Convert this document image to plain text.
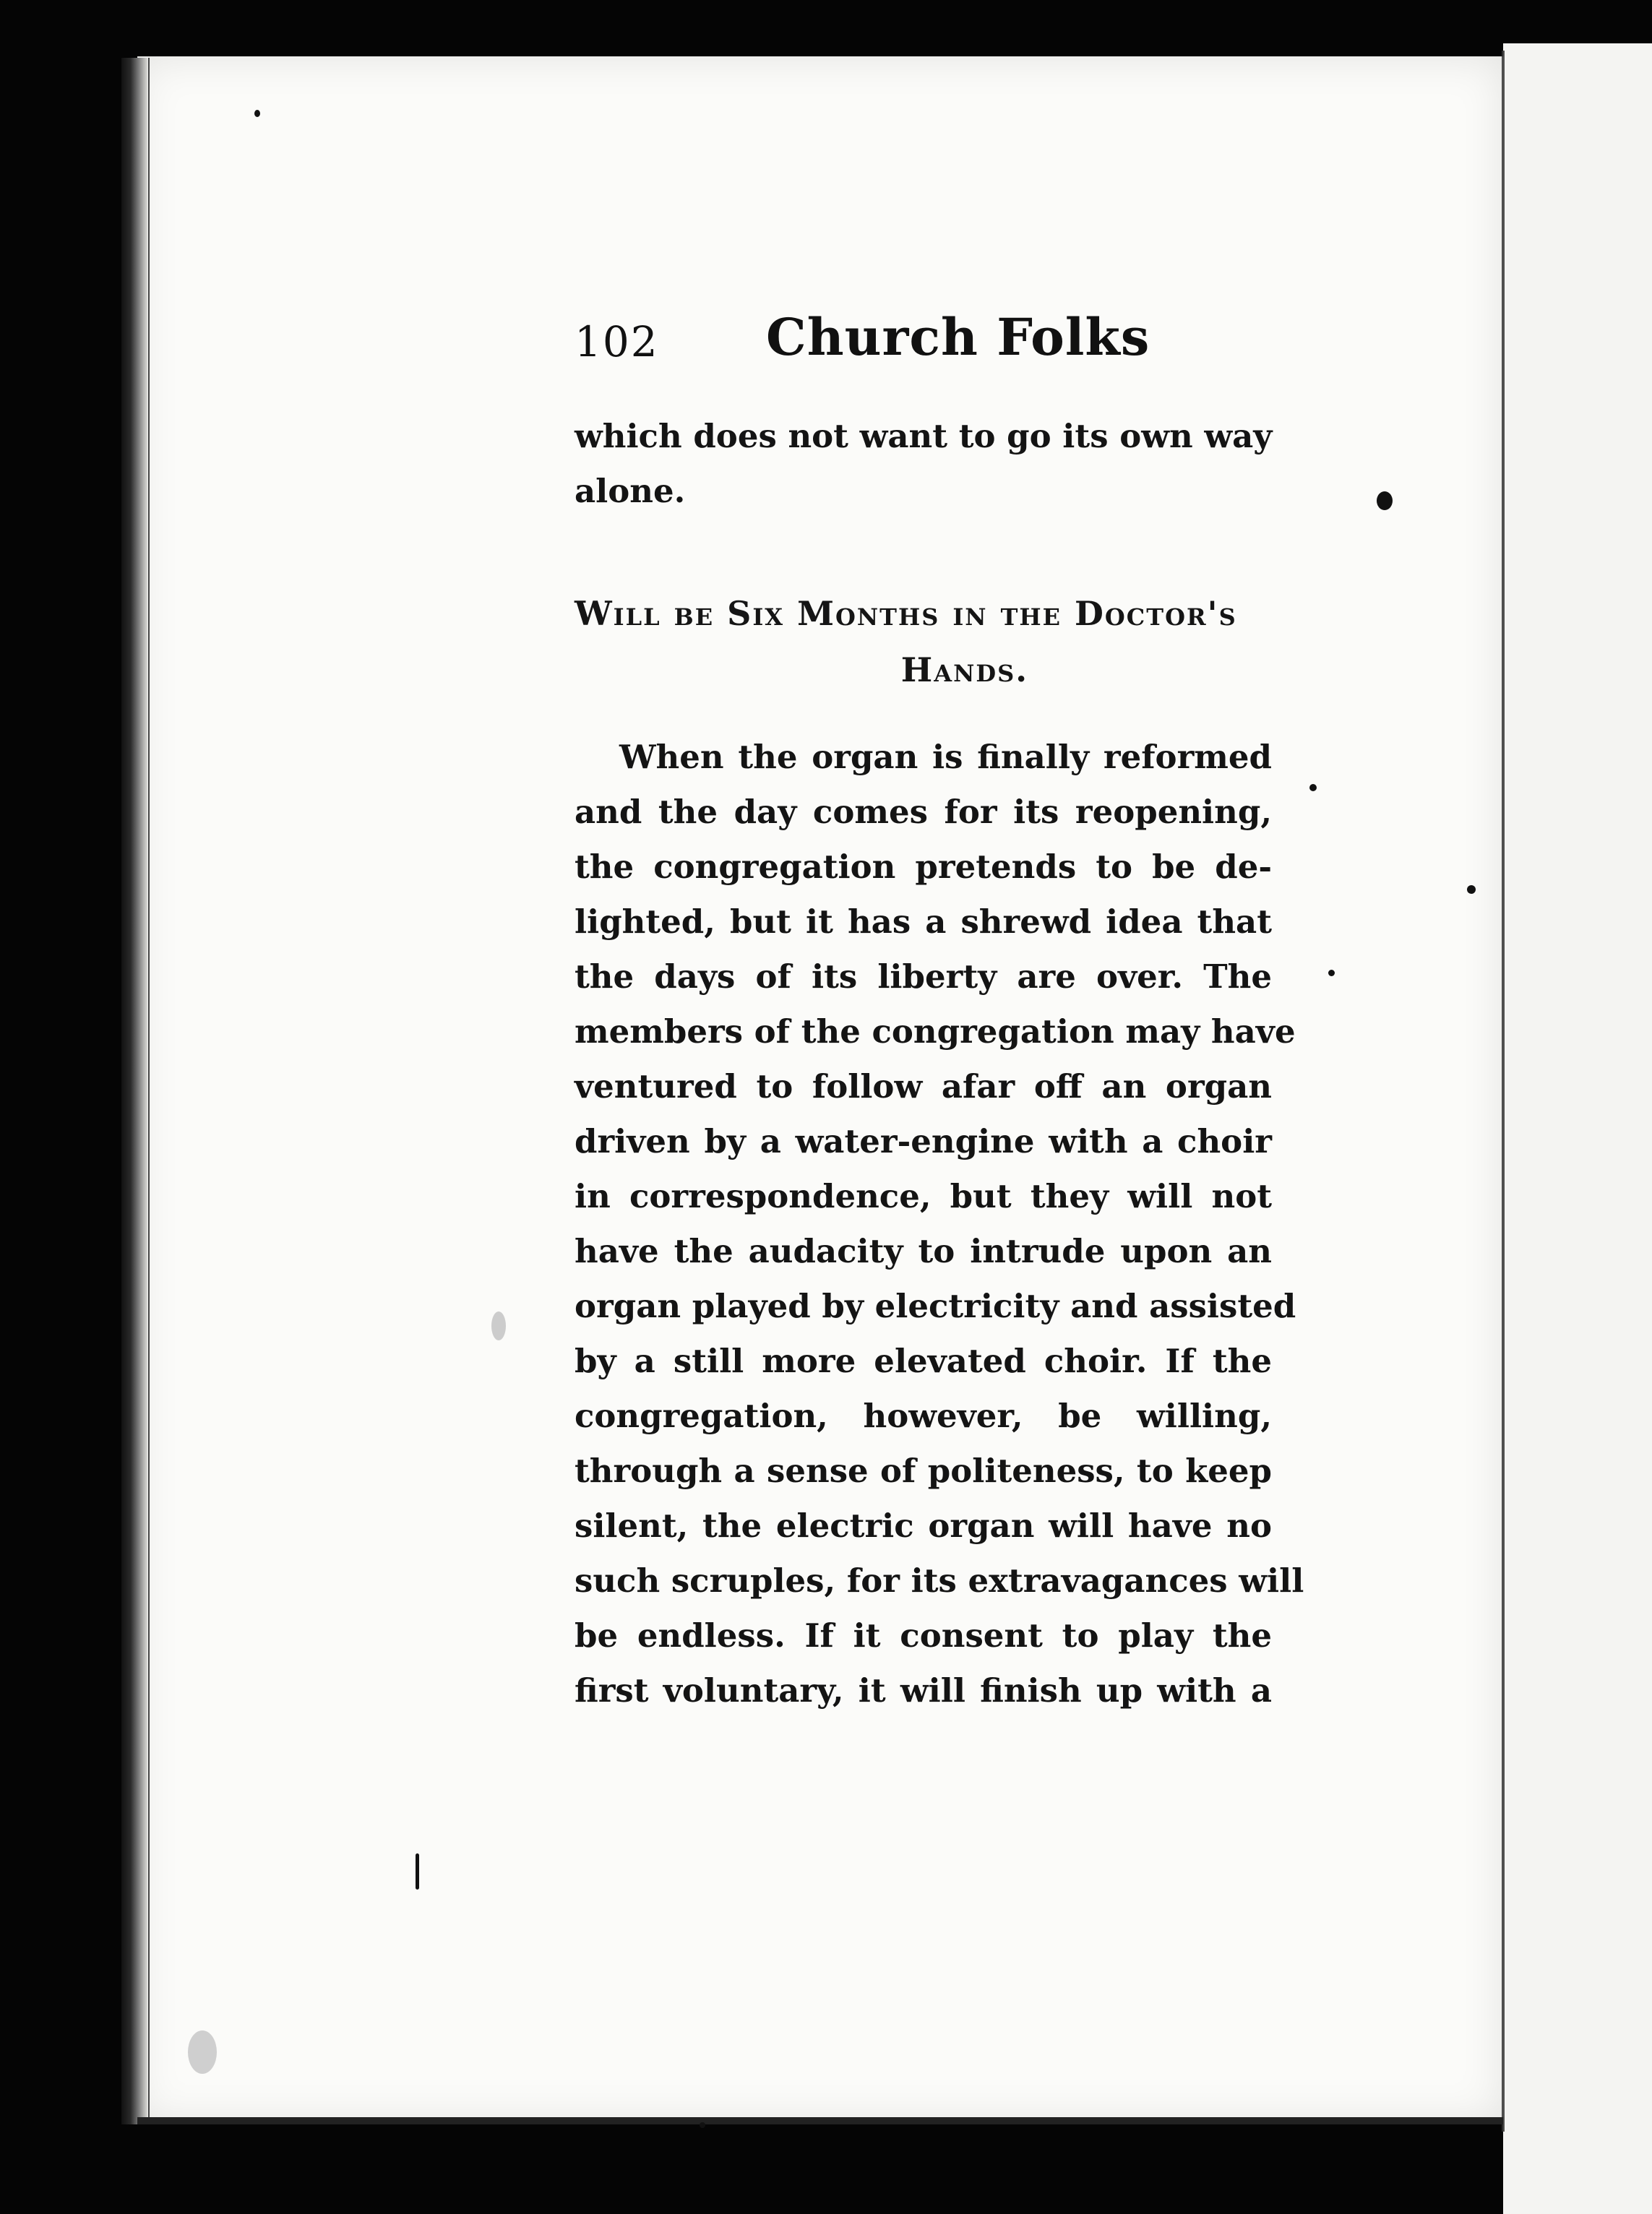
102 Church Folks
which does not want to go its own way
alone.
Will be Six Months in the Doctor's
Hands.
When the organ is finally reformed
and the day comes for its reopening,
the congregation pretends to be de-
lighted, but it has a shrewd idea that
the days of its liberty are over. The
members of the congregation may have
ventured to follow afar off an organ
driven by a water-engine with a choir
in correspondence, but they will not
have the audacity to intrude upon an
organ played by electricity and assisted
by a still more elevated choir. If the
congregation, however, be willing,
through a sense of politeness, to keep
silent, the electric organ will have no
such scruples, for its extravagances will
be endless. If it consent to play the
first voluntary, it will finish up with a
